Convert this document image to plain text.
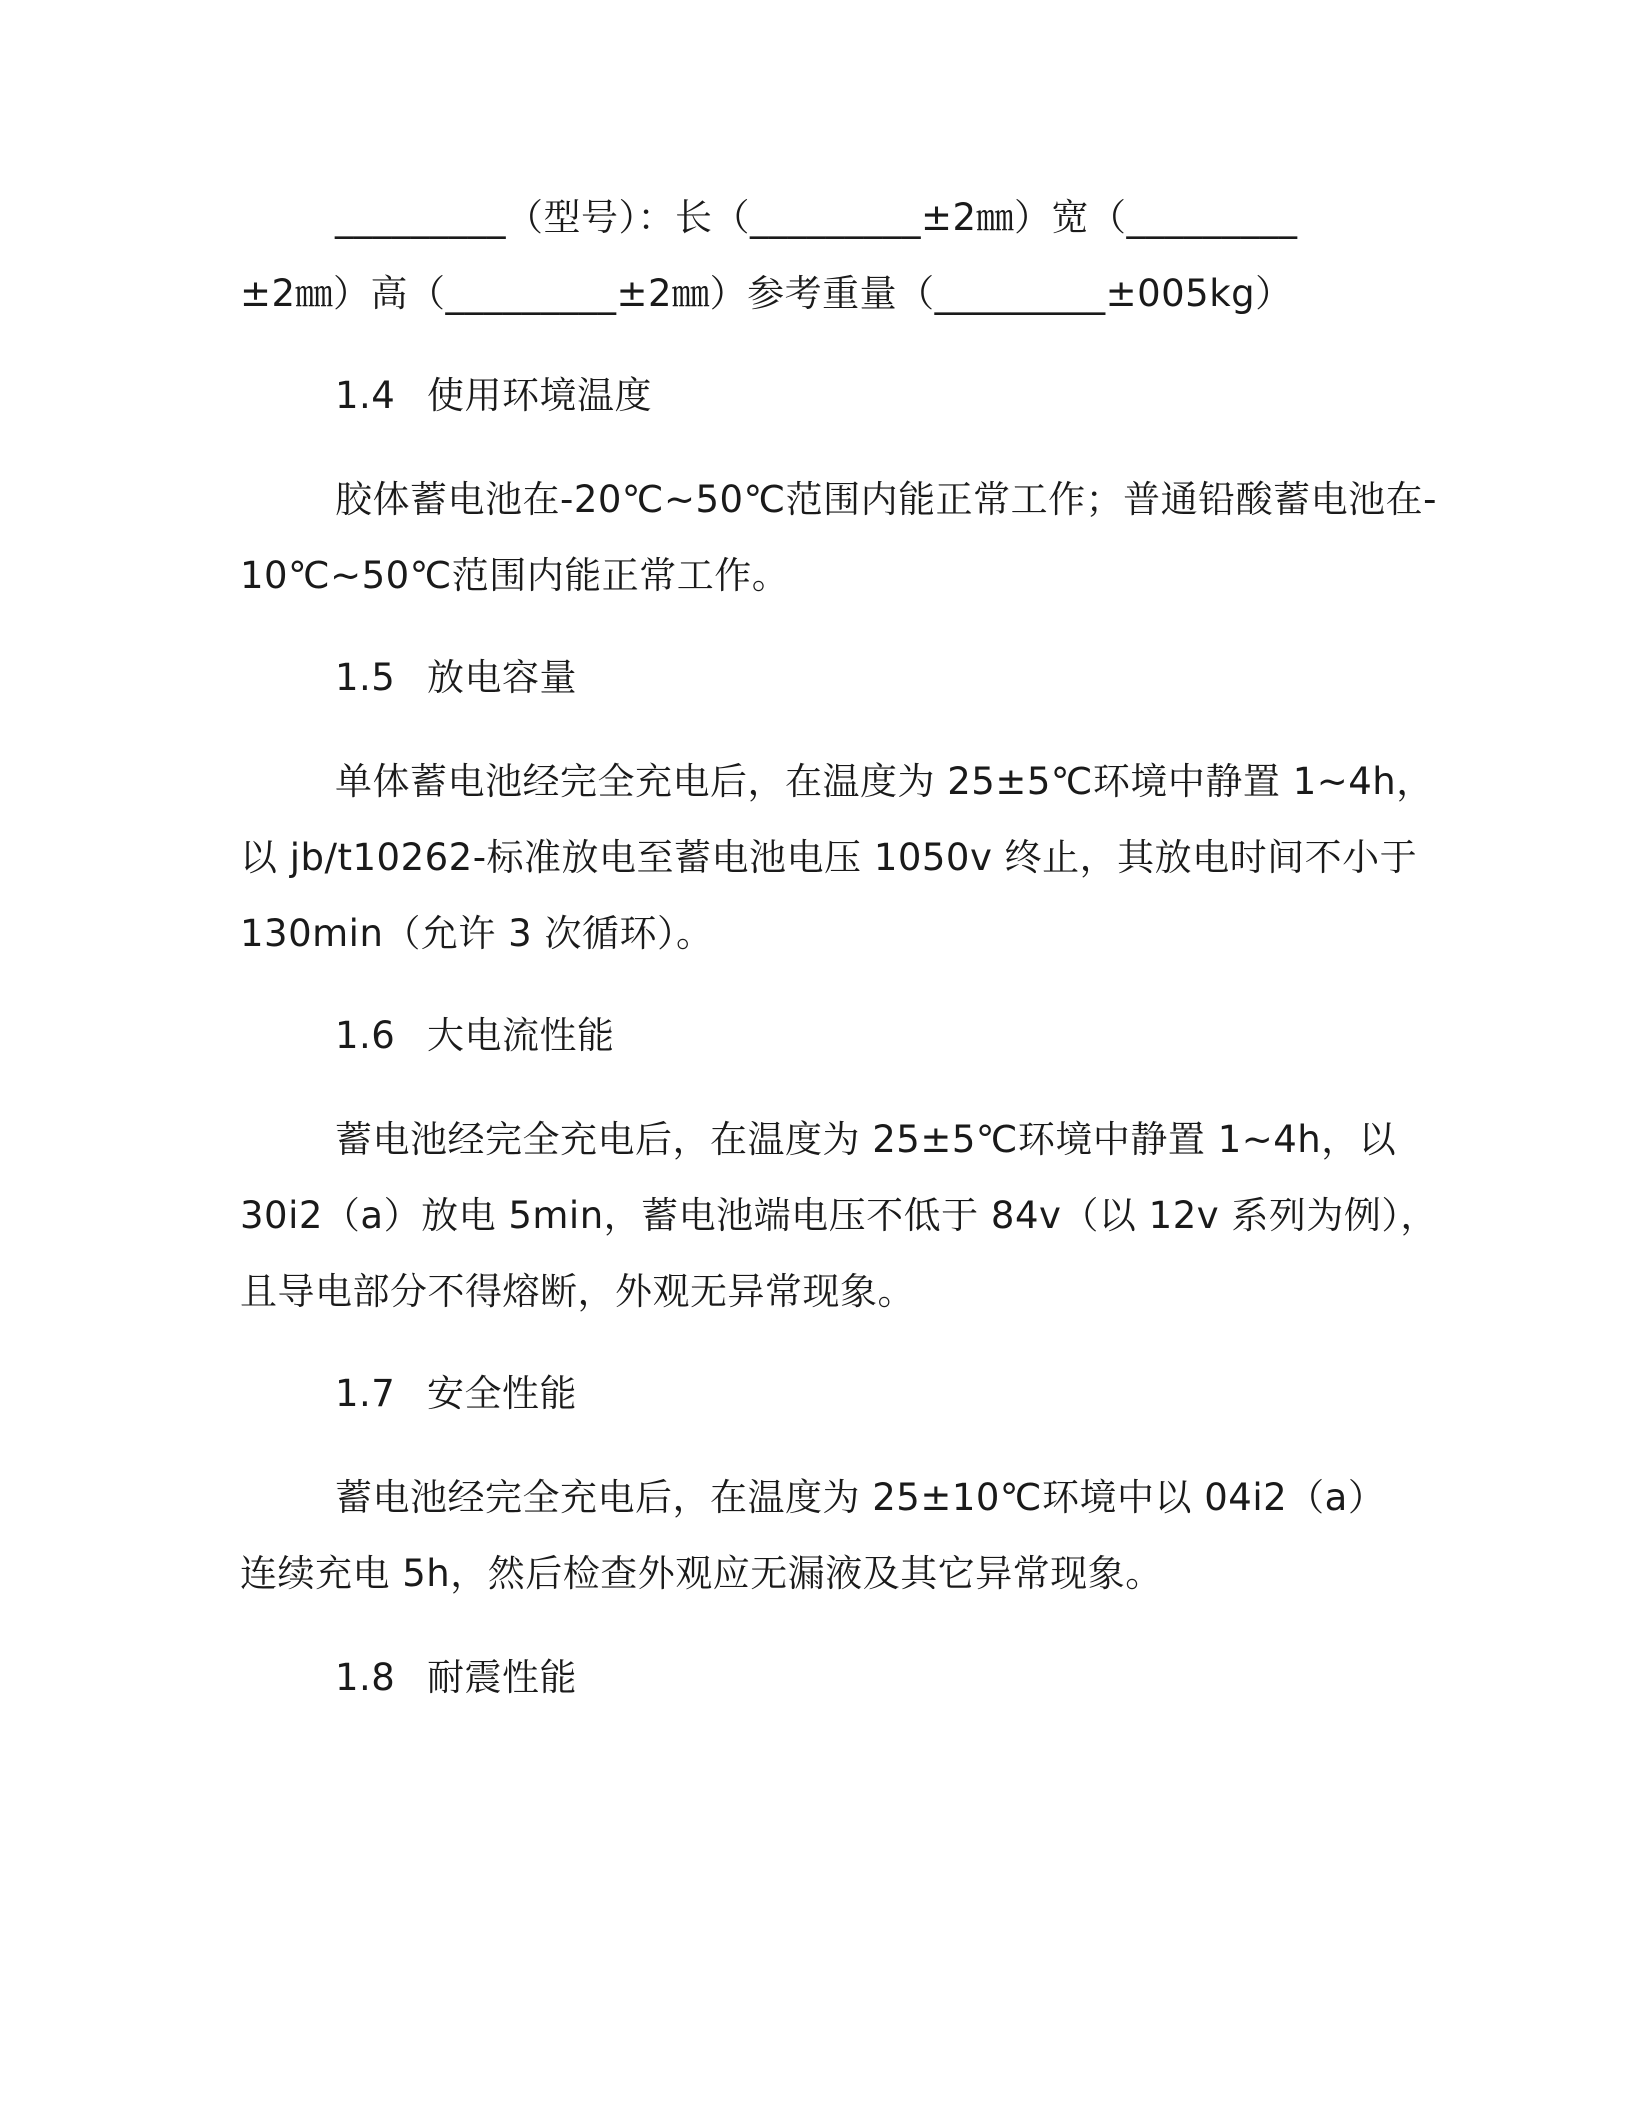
_________（型号）：长（_________±2㎜）宽（_________
±2㎜）高（_________±2㎜）参考重量（_________±005kg）
1.4 使用环境温度
胶体蓄电池在-20℃~50℃范围内能正常工作；普通铅酸蓄电池在-
10℃~50℃范围内能正常工作。
1.5 放电容量
单体蓄电池经完全充电后，在温度为 25±5℃环境中静置 1~4h，
以 jb/t10262-标准放电至蓄电池电压 1050v 终止，其放电时间不小于
130min（允许 3 次循环）。
1.6 大电流性能
蓄电池经完全充电后，在温度为 25±5℃环境中静置 1~4h，以
30i2（a）放电 5min，蓄电池端电压不低于 84v（以 12v 系列为例），
且导电部分不得熔断，外观无异常现象。
1.7 安全性能
蓄电池经完全充电后，在温度为 25±10℃环境中以 04i2（a）
连续充电 5h，然后检查外观应无漏液及其它异常现象。
1.8 耐震性能
